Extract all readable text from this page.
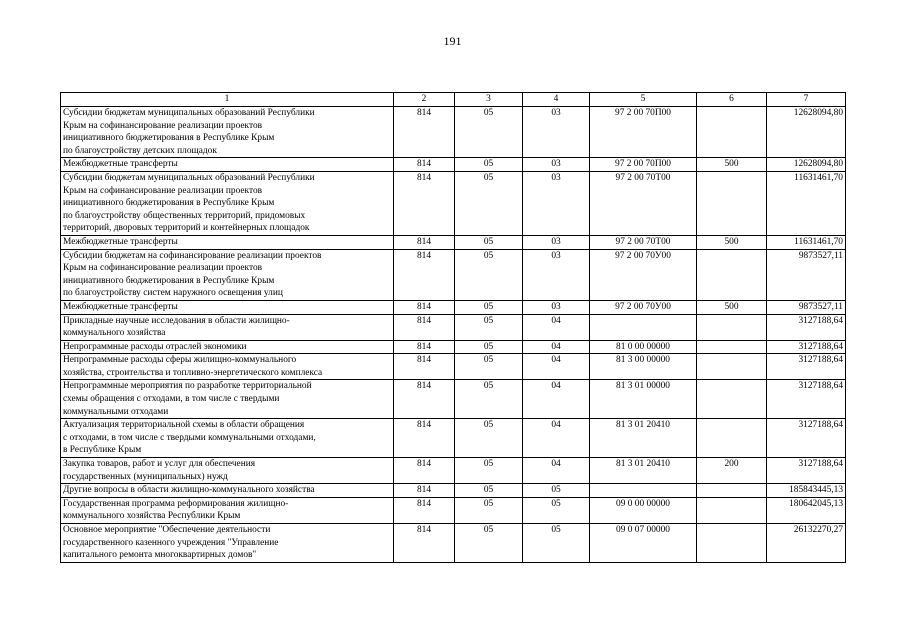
191
1	2	3	4	5	6	7

Субсидии бюджетам муниципальных образований Республики
Крым на софинансирование реализации проектов
инициативного бюджетирования в Республике Крым
по благоустройству детских площадок	814	05	03	97 2 00 70П00		12628094,80

Межбюджетные трансферты	814	05	03	97 2 00 70П00	500	12628094,80

Субсидии бюджетам муниципальных образований Республики
Крым на софинансирование реализации проектов
инициативного бюджетирования в Республике Крым
по благоустройству общественных территорий, придомовых
территорий, дворовых территорий и контейнерных площадок	814	05	03	97 2 00 70Т00		11631461,70

Межбюджетные трансферты	814	05	03	97 2 00 70Т00	500	11631461,70

Субсидии бюджетам на софинансирование реализации проектов
Крым на софинансирование реализации проектов
инициативного бюджетирования в Республике Крым
по благоустройству систем наружного освещения улиц	814	05	03	97 2 00 70У00		9873527,11

Межбюджетные трансферты	814	05	03	97 2 00 70У00	500	9873527,11

Прикладные научные исследования в области жилищно-
коммунального хозяйства	814	05	04			3127188,64

Непрограммные расходы отраслей экономики	814	05	04	81 0 00 00000		3127188,64

Непрограммные расходы сферы жилищно-коммунального
хозяйства, строительства и топливно-энергетического комплекса	814	05	04	81 3 00 00000		3127188,64

Непрограммные мероприятия по разработке территориальной
схемы обращения с отходами, в том числе с твердыми
коммунальными отходами	814	05	04	81 3 01 00000		3127188,64

Актуализация территориальной схемы в области обращения
с отходами, в том числе с твердыми коммунальными отходами,
в Республике Крым	814	05	04	81 3 01 20410		3127188,64

Закупка товаров, работ и услуг для обеспечения
государственных (муниципальных) нужд	814	05	04	81 3 01 20410	200	3127188,64

Другие вопросы в области жилищно-коммунального хозяйства	814	05	05			185843445,13

Государственная программа реформирования жилищно-
коммунального хозяйства Республики Крым	814	05	05	09 0 00 00000		180642045,13

Основное мероприятие "Обеспечение деятельности
государственного казенного учреждения "Управление
капитального ремонта многоквартирных домов"	814	05	05	09 0 07 00000		26132270,27
